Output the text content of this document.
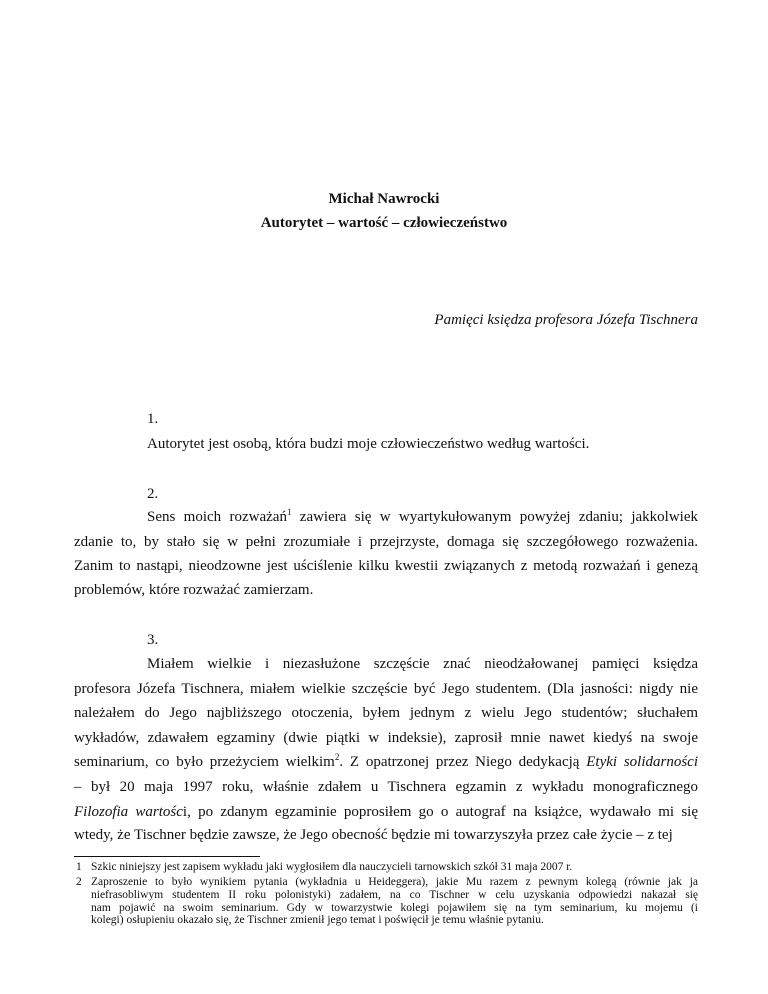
Michał Nawrocki
Autorytet – wartość – człowieczeństwo
Pamięci księdza profesora Józefa Tischnera
1.
Autorytet jest osobą, która budzi moje człowieczeństwo według wartości.
2.
Sens moich rozważań$^1$ zawiera się w wyartykułowanym powyżej zdaniu; jakkolwiek
zdanie to, by stało się w pełni zrozumiałe i przejrzyste, domaga się szczegółowego rozważenia.
Zanim to nastąpi, nieodzowne jest uściślenie kilku kwestii związanych z metodą rozważań i genezą
problemów, które rozważać zamierzam.
3.
Miałem wielkie i niezasłużone szczęście znać nieodżałowanej pamięci księdza
profesora Józefa Tischnera, miałem wielkie szczęście być Jego studentem. (Dla jasności: nigdy nie
należałem do Jego najbliższego otoczenia, byłem jednym z wielu Jego studentów; słuchałem
wykładów, zdawałem egzaminy (dwie piątki w indeksie), zaprosił mnie nawet kiedyś na swoje
seminarium, co było przeżyciem wielkim$^2$. Z opatrzonej przez Niego dedykacją Etyki solidarności
– był 20 maja 1997 roku, właśnie zdałem u Tischnera egzamin z wykładu monograficznego
Filozofia wartości, po zdanym egzaminie poprosiłem go o autograf na książce, wydawało mi się
wtedy, że Tischner będzie zawsze, że Jego obecność będzie mi towarzyszyła przez całe życie – z tej
1 Szkic niniejszy jest zapisem wykładu jaki wygłosiłem dla nauczycieli tarnowskich szkół 31 maja 2007 r.
2 Zaproszenie to było wynikiem pytania (wykładnia u Heideggera), jakie Mu razem z pewnym kolegą (równie jak ja
niefrasobliwym studentem II roku polonistyki) zadałem, na co Tischner w celu uzyskania odpowiedzi nakazał się
nam pojawić na swoim seminarium. Gdy w towarzystwie kolegi pojawiłem się na tym seminarium, ku mojemu (i
kolegi) osłupieniu okazało się, że Tischner zmienił jego temat i poświęcił je temu właśnie pytaniu.
